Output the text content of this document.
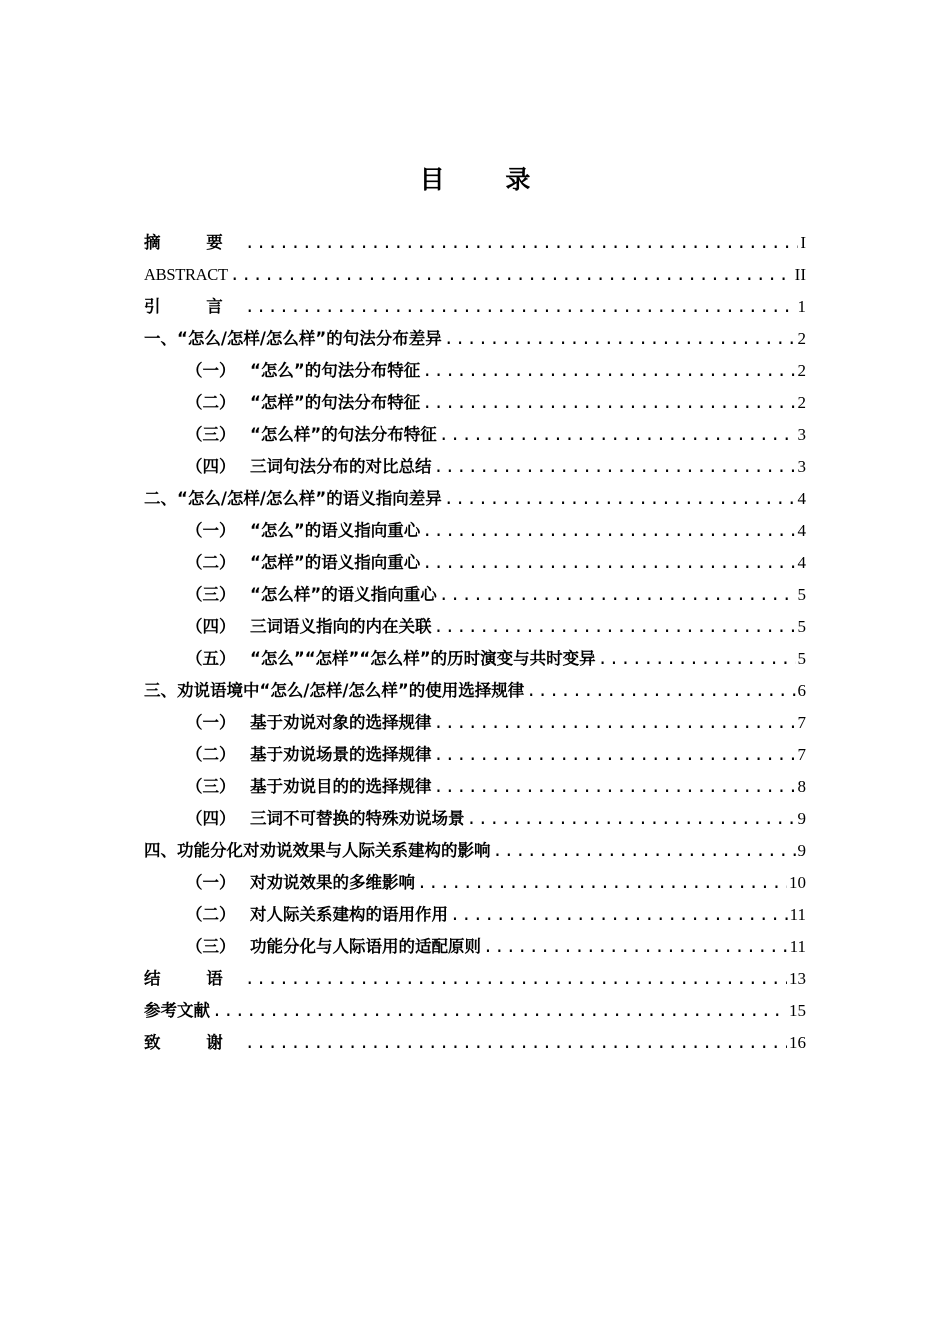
目 录
摘 要 .....	I
ABSTRACT .....	II
引 言 .....	1
一、“怎么/怎样/怎么样”的句法分布差异 .....	2
（一） “怎么”的句法分布特征 .....	2
（二） “怎样”的句法分布特征 .....	2
（三） “怎么样”的句法分布特征 .....	3
（四） 三词句法分布的对比总结 .....	3
二、“怎么/怎样/怎么样”的语义指向差异 .....	4
（一） “怎么”的语义指向重心 .....	4
（二） “怎样”的语义指向重心 .....	4
（三） “怎么样”的语义指向重心 .....	5
（四） 三词语义指向的内在关联 .....	5
（五） “怎么”“怎样”“怎么样”的历时演变与共时变异 .....	5
三、劝说语境中“怎么/怎样/怎么样”的使用选择规律 .....	6
（一） 基于劝说对象的选择规律 .....	7
（二） 基于劝说场景的选择规律 .....	7
（三） 基于劝说目的的选择规律 .....	8
（四） 三词不可替换的特殊劝说场景 .....	9
四、功能分化对劝说效果与人际关系建构的影响 .....	9
（一） 对劝说效果的多维影响 .....	10
（二） 对人际关系建构的语用作用 .....	11
（三） 功能分化与人际语用的适配原则 .....	11
结 语 .....	13
参考文献 .....	15
致 谢 .....	16
